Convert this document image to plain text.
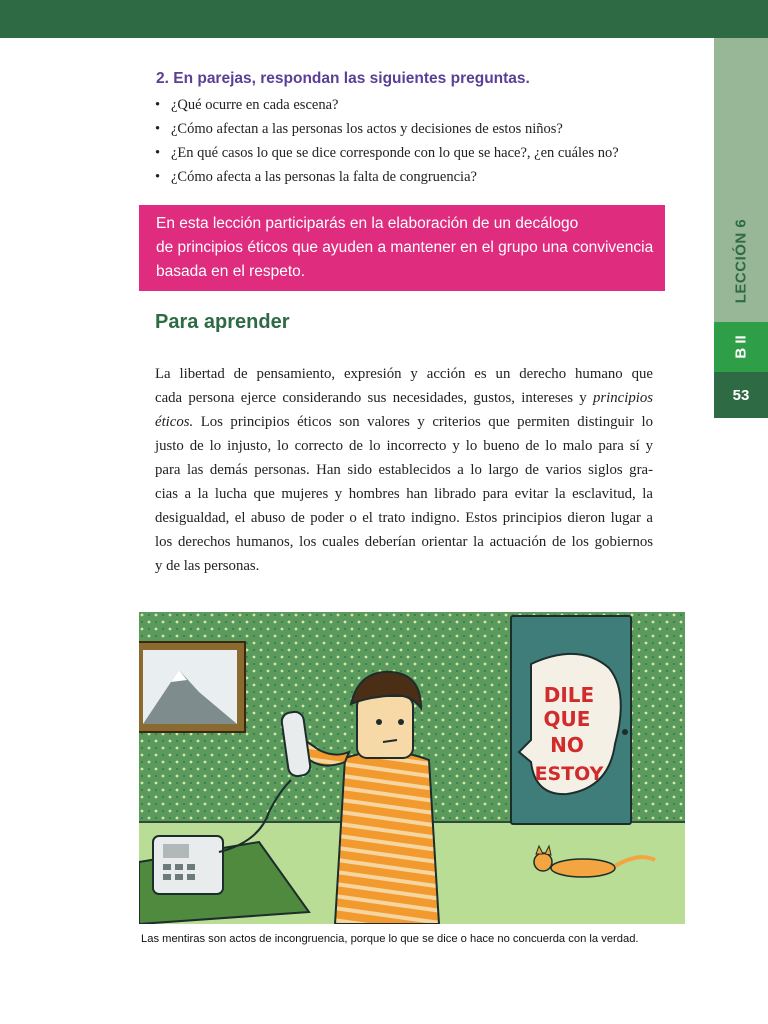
LECCIÓN 6
B II
53
2. En parejas, respondan las siguientes preguntas.
• ¿Qué ocurre en cada escena?
• ¿Cómo afectan a las personas los actos y decisiones de estos niños?
• ¿En qué casos lo que se dice corresponde con lo que se hace?, ¿en cuáles no?
• ¿Cómo afecta a las personas la falta de congruencia?

En esta lección participarás en la elaboración de un decálogo

de principios éticos que ayuden a mantener en el grupo una convivencia

basada en el respeto.

Para aprender
La libertad de pensamiento, expresión y acción es un derecho humano que
cada persona ejerce considerando sus necesidades, gustos, intereses y principios
éticos. Los principios éticos son valores y criterios que permiten distinguir lo
justo de lo injusto, lo correcto de lo incorrecto y lo bueno de lo malo para sí y
para las demás personas. Han sido establecidos a lo largo de varios siglos gra-
cias a la lucha que mujeres y hombres han librado para evitar la esclavitud, la
desigualdad, el abuso de poder o el trato indigno. Estos principios dieron lugar a
los derechos humanos, los cuales deberían orientar la actuación de los gobiernos
y de las personas.
DILE
QUE
NO
ESTOY
Las mentiras son actos de incongruencia, porque lo que se dice o hace no concuerda con la verdad.
